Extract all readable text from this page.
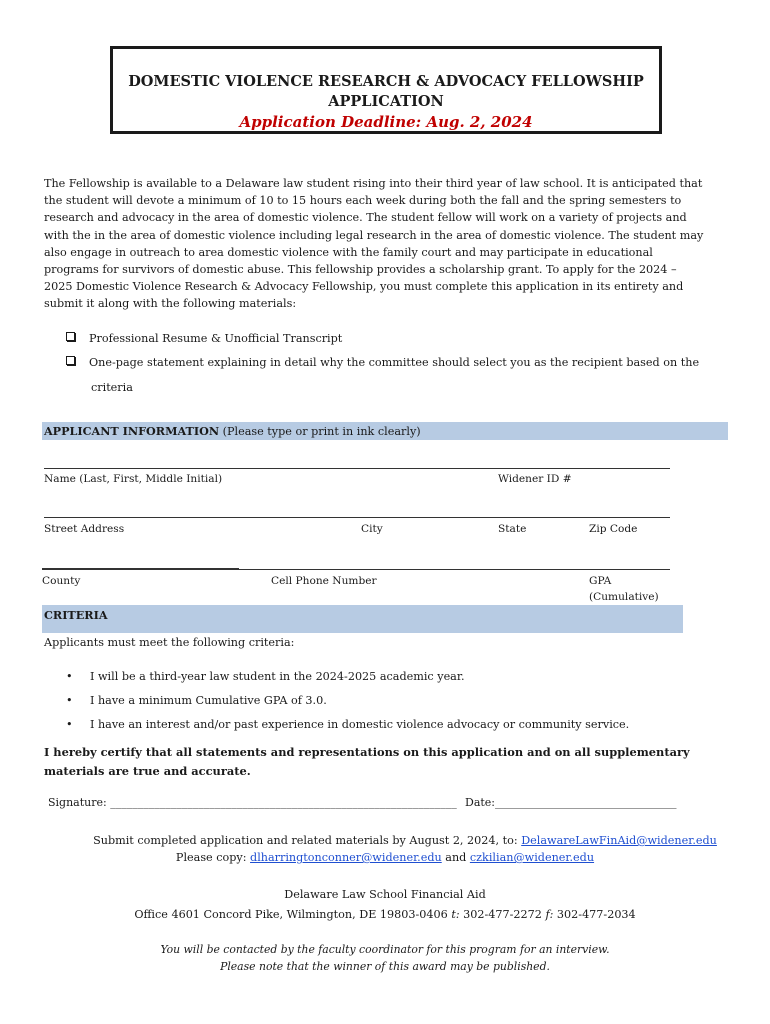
DOMESTIC VIOLENCE RESEARCH & ADVOCACY FELLOWSHIP
APPLICATION
Application Deadline: Aug. 2, 2024
The Fellowship is available to a Delaware law student rising into their third year of law school. It is anticipated that
the student will devote a minimum of 10 to 15 hours each week during both the fall and the spring semesters to
research and advocacy in the area of domestic violence. The student fellow will work on a variety of projects and
with the in the area of domestic violence including legal research in the area of domestic violence. The student may
also engage in outreach to area domestic violence with the family court and may participate in educational
programs for survivors of domestic abuse. This fellowship provides a scholarship grant. To apply for the 2024 –
2025 Domestic Violence Research & Advocacy Fellowship, you must complete this application in its entirety and
submit it along with the following materials:
Professional Resume & Unofficial Transcript
One-page statement explaining in detail why the committee should select you as the recipient based on the
criteria
APPLICANT INFORMATION (Please type or print in ink clearly)
Name (Last, First, Middle Initial)	Widener ID #
Street Address	City	State	Zip Code
County	Cell Phone Number	GPA
(Cumulative)
CRITERIA
Applicants must meet the following criteria:
• I will be a third-year law student in the 2024-2025 academic year.
• I have a minimum Cumulative GPA of 3.0.
• I have an interest and/or past experience in domestic violence advocacy or community service.
I hereby certify that all statements and representations on this application and on all supplementary
materials are true and accurate.
Signature: _______________________________________________________________ Date:_________________________________
Submit completed application and related materials by August 2, 2024, to: DelawareLawFinAid@widener.edu
Please copy: dlharringtonconner@widener.edu and czkilian@widener.edu
Delaware Law School Financial Aid
Office 4601 Concord Pike, Wilmington, DE 19803-0406 t: 302-477-2272 f: 302-477-2034
You will be contacted by the faculty coordinator for this program for an interview.
Please note that the winner of this award may be published.
